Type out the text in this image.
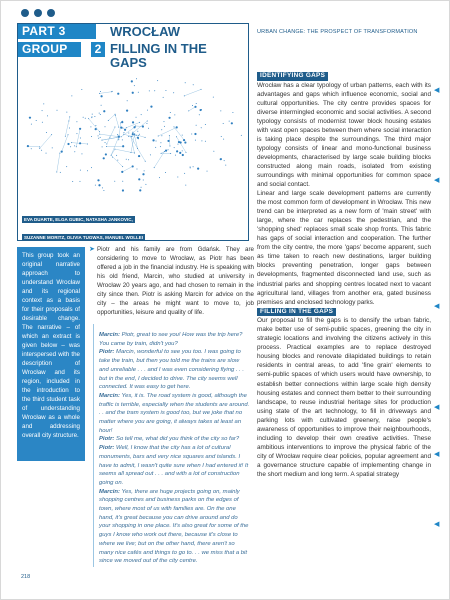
PART 3	WROCŁAW
GROUP	2 FILLING IN THE GAPS
EVA DUARTE, ELGA GUBIC, NATASHA JANKOVIC,
SUZANNE MORITZ, OLIVIA TUGWAS, MANUEL WOLLEI
URBAN CHANGE: THE PROSPECT OF TRANSFORMATION
This group took an original narrative approach to understand Wrocław and its regional context as a basis for their proposals of desirable change. The narrative – of which an extract is given below – was interspersed with the description of Wrocław and its region, included in the introduction to the third student task of understanding Wrocław as a whole and addressing overall city structure.
➤ Piotr and his family are from Gdańsk. They are considering to move to Wrocław, as Piotr has been offered a job in the financial industry. He is speaking with his old friend, Marcin, who studied at university in Wrocław 20 years ago, and had chosen to remain in the city since then. Piotr is asking Marcin for advice on the city – the areas he might want to move to, job opportunities, leisure and quality of life.

Marcin: Piotr, great to see you! How was the trip here? You came by train, didn't you?

Piotr: Marcin, wonderful to see you too. I was going to take the train, but then you told me the trains are slow and unreliable . . . and I was even considering flying . . . but in the end, I decided to drive. The city seems well connected. It was easy to get here.

Marcin: Yes, it is. The road system is good, although the traffic is terrible, especially when the students are around. . . and the tram system is good too, but we joke that no matter where you are going, it always takes at least an hour!

Piotr: So tell me, what did you think of the city so far?

Piotr: Well, I know that the city has a lot of cultural monuments, bars and very nice squares and islands. I have to admit, I wasn't quite sure when I had entered it! It seems all spread out . . . and with a lot of construction going on.

Marcin: Yes, there are huge projects going on, mainly shopping centres and business parks on the edges of town, where most of us with families are. On the one hand, it's great because you can drive around and do your shopping in one place. It's also great for some of the guys I know who work out there, because it's close to where we live; but on the other hand, there aren't so many nice cafés and things to go to. . . we miss that a bit since we moved out of the city centre.

IDENTIFYING GAPS

Wrocław has a clear typology of urban patterns, each with its advantages and gaps which influence economic, social and cultural opportunities. The city centre provides spaces for diverse intermingled economic and social activities. A second typology consists of modernist tower block housing estates with vast open spaces between them where social interaction is taking place despite the surroundings. The third major typology consists of linear and mono-functional business developments, characterised by large scale building blocks constructed along main roads, isolated from existing surroundings with minimal opportunities for common space and social contact.

Linear and large scale development patterns are currently the most common form of development in Wrocław. This new trend can be interpreted as a new form of 'main street' with large, where the car replaces the pedestrian, and the 'shopping shed' replaces small scale shop fronts. This fabric has gaps of social interaction and cooperation. The further from the city centre, the more 'gaps' become apparent, such as time taken to reach new destinations, larger building blocks preventing penetration, longer gaps between developments, fragmented disconnected land use, such as industrial parks and shopping centres located next to vacant agricultural land, villages from another era, gated business premises and enclosed technology parks.

FILLING IN THE GAPS

Our proposal to fill the gaps is to densify the urban fabric, make better use of semi-public spaces, greening the city in strategic locations and involving the citizens actively in this process. Practical examples are to replace destroyed housing blocks and renovate dilapidated buildings to retain residents in central areas, to add 'fine grain' elements to semi-public spaces of which users would have ownership, to establish better connections within large scale high density housing estates and connect them better to their surrounding landscape, to reuse industrial heritage sites for production using state of the art technology, to fill in driveways and parking lots with cultivated greenery, raise people's awareness of opportunities to improve their neighbourhoods, including to develop their own creative activities. These ambitious interventions to improve the physical fabric of the city of Wrocław require clear policies, popular agreement and a governance structure capable of implementing change in the short medium and long term. A spatial strategy

◀
◀
◀
◀
◀
◀
218
